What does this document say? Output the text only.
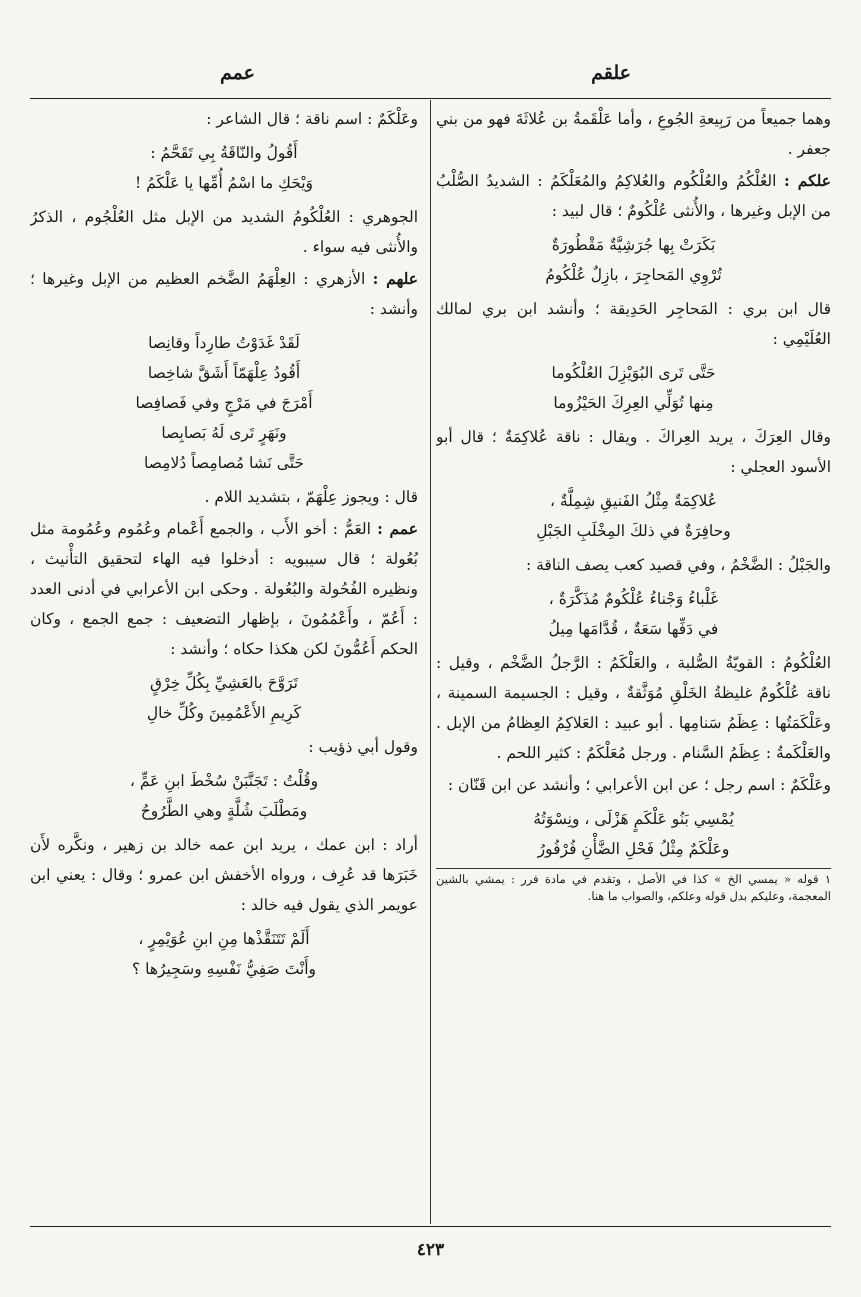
علقم
عمم

وهما جميعاً من رَبِيعةِ الجُوعِ ، وأما عَلْقَمةُ بن عُلاثَةَ فهو من بني جعفر .

علكم : العُلْكُمُ والعُلْكُوم والعُلاكِمُ والمُعَلْكَمُ : الشديدُ الصُّلْبُ من الإبل وغيرها ، والأُنثى عُلْكُومٌ ؛ قال لبيد :

بَكَرَتْ بِها جُرَشِيَّةٌ مَقْطُورَةٌ
تُرْوِي المَحاجِرَ ، بازِلٌ عُلْكُومُ

قال ابن بري : المَحاجِر الحَدِيقة ؛ وأنشد ابن بري لمالك العُلَيْمِي :

حَتَّى تَرى البُوَيْزِلَ العُلْكُوما
مِنها تُوَلِّي العِرِكَ الحَيْزُوما

وقال العِرَكَ ، يريد العِراكَ . ويقال : ناقة عُلاكِمَةٌ ؛ قال أبو الأسود العجلي :

عُلاكِمَةٌ مِثْلُ الفَنيقِ شِمِلَّةٌ ،
وحافِرَةٌ في ذلكَ المِخْلَبِ الجَبْلِ

والجَبْلُ : الضَّخْمُ ، وفي قصيد كعب يصف الناقة :

غَلْباءُ وَجْناءُ عُلْكُومٌ مُذَكَّرَةٌ ،
في دَفِّها سَعَةٌ ، قُدَّامَها مِيلُ

العُلْكُومُ : القويّةُ الصُّلبة ، والعَلْكَمُ : الرَّجلُ الضَّخْم ، وقيل : ناقة عُلْكُومٌ غليظةُ الخَلْقِ مُوَثَّقةٌ ، وقيل : الجسيمة السمينة ، وعَلْكَمَتُها : عِظَمُ سَنامِها . أبو عبيد : العَلاكِمُ العِظامُ من الإبل . والعَلْكَمةُ : عِظَمُ السَّنام . ورجل مُعَلْكَمٌ : كثير اللحم .

وعَلْكَمٌ : اسم رجل ؛ عن ابن الأعرابي ؛ وأنشد عن ابن قَنّان :

يُمْسِي بَنُو عَلْكَمٍ هَزْلَى ، ونِسْوَتُهُ
وعَلْكَمٌ مِثْلُ فَحْلِ الضَّأْنِ فُرْفُورُ
١ قوله « يمسي الخ » كذا في الأصل ، وتقدم في مادة فرر : يمشي بالشين المعجمة، وعليكم بدل قوله وعلكم، والصواب ما هنا.

وعَلْكَمٌ : اسم ناقة ؛ قال الشاعر :

أَقُولُ والنّاقَةُ بِي تَقَحَّمُ :
وَيْحَكِ ما اسْمُ أُمِّها يا عَلْكَمُ !

الجوهري : العُلْكُومُ الشديد من الإبل مثل العُلْجُوم ، الذكرُ والأُنثى فيه سواء .

علهم : الأزهري : العِلْهَمُ الضَّخم العظيم من الإبل وغيرها ؛ وأنشد :

لَقَدْ غَدَوْتُ طارِداً وقانِصا
أَقُودُ عِلْهَمّاً أَشَقَّ شاخِصا
أَمْرَجَ في مَرْجٍ وفي فَصافِصا
ونَهَرٍ تَرى لَهُ بَصابِصا
حَتَّى نَشا مُصامِصاً دُلامِصا

قال : ويجوز عِلْهَمّ ، بتشديد اللام .

عمم : العَمُّ : أخو الأَب ، والجمع أَعْمام وعُمُوم وعُمُومة مثل بُعُولة ؛ قال سيبويه : أدخلوا فيه الهاء لتحقيق التأْنيث ، ونظيره الفُحُولة والبُعُولة . وحكى ابن الأعرابي في أدنى العدد : أَعُمّ ، وأَعْمُمُونَ ، بإظهار التضعيف : جمع الجمع ، وكان الحكم أَعُمُّونَ لكن هكذا حكاه ؛ وأنشد :

تَرَوَّحَ بالعَشِيِّ بِكُلِّ خِرْقٍ
كَرِيمِ الأَعْمُمِينَ وكُلِّ خالِ

وقول أبي ذؤيب :

وقُلْتُ : تَجَنَّبَنْ سُخْطَ ابنِ عَمٍّ ،
ومَطْلَبَ شُلَّةٍ وهي الطَّرُوحُ

أراد : ابن عمك ، يريد ابن عمه خالد بن زهير ، ونكَّره لأَن خَبَرَها قد عُرِف ، ورواه الأخفش ابن عمرو ؛ وقال : يعني ابن عويمر الذي يقول فيه خالد :

أَلَمْ تَتَنَقَّذْها مِنِ ابنِ عُوَيْمِرٍ ،
وأَنْتَ صَفِيُّ نَفْسِهِ وسَجِيرُها ؟
٤٢٣
